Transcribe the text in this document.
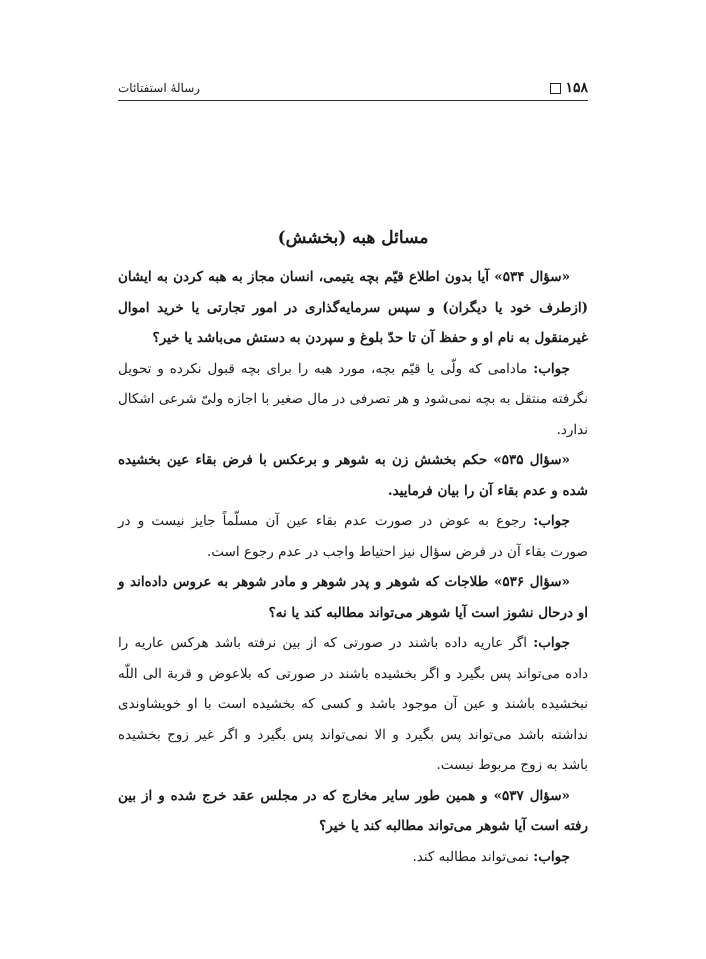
۱۵۸
رسالهٔ استفتائات
مسائل هبه (بخشش)

«سؤال ۵۳۴» آیا بدون اطلاع قیّم بچه یتیمی، انسان مجاز به هبه کردن به ایشان (ازطرف خود یا دیگران) و سپس سرمایه‌گذاری در امور تجارتی یا خرید اموال غیرمنقول به نام او و حفظ آن تا حدّ بلوغ و سپردن به دستش می‌باشد یا خیر؟

جواب: مادامی که ولّی یا قیّم بچه، مورد هبه را برای بچه قبول نکرده و تحویل نگرفته منتقل به بچه نمی‌شود و هر تصرفی در مال صغیر با اجازه ولیّ شرعی اشکال ندارد.

«سؤال ۵۳۵» حکم بخشش زن به شوهر و برعکس با فرض بقاء عین بخشیده شده و عدم بقاء آن را بیان فرمایید.

جواب: رجوع به عوض در صورت عدم بقاء عین آن مسلّماً جایز نیست و در صورت بقاء آن در فرض سؤال نیز احتیاط واجب در عدم رجوع است.

«سؤال ۵۳۶» طلاجات که شوهر و پدر شوهر و مادر شوهر به عروس داده‌اند و او درحال نشوز است آیا شوهر می‌تواند مطالبه کند یا نه؟

جواب: اگر عاریه داده باشند در صورتی که از بین نرفته باشد هرکس عاریه را داده می‌تواند پس بگیرد و اگر بخشیده باشند در صورتی که بلاعوض و قربة الی اللّه نبخشیده باشند و عین آن موجود باشد و کسی که بخشیده است با او خویشاوندی نداشته باشد می‌تواند پس بگیرد و الا نمی‌تواند پس بگیرد و اگر غیر زوج بخشیده باشد به زوج مربوط نیست.

«سؤال ۵۳۷» و همین طور سایر مخارج که در مجلس عقد خرج شده و از بین رفته است آیا شوهر می‌تواند مطالبه کند یا خیر؟

جواب: نمی‌تواند مطالبه کند.
